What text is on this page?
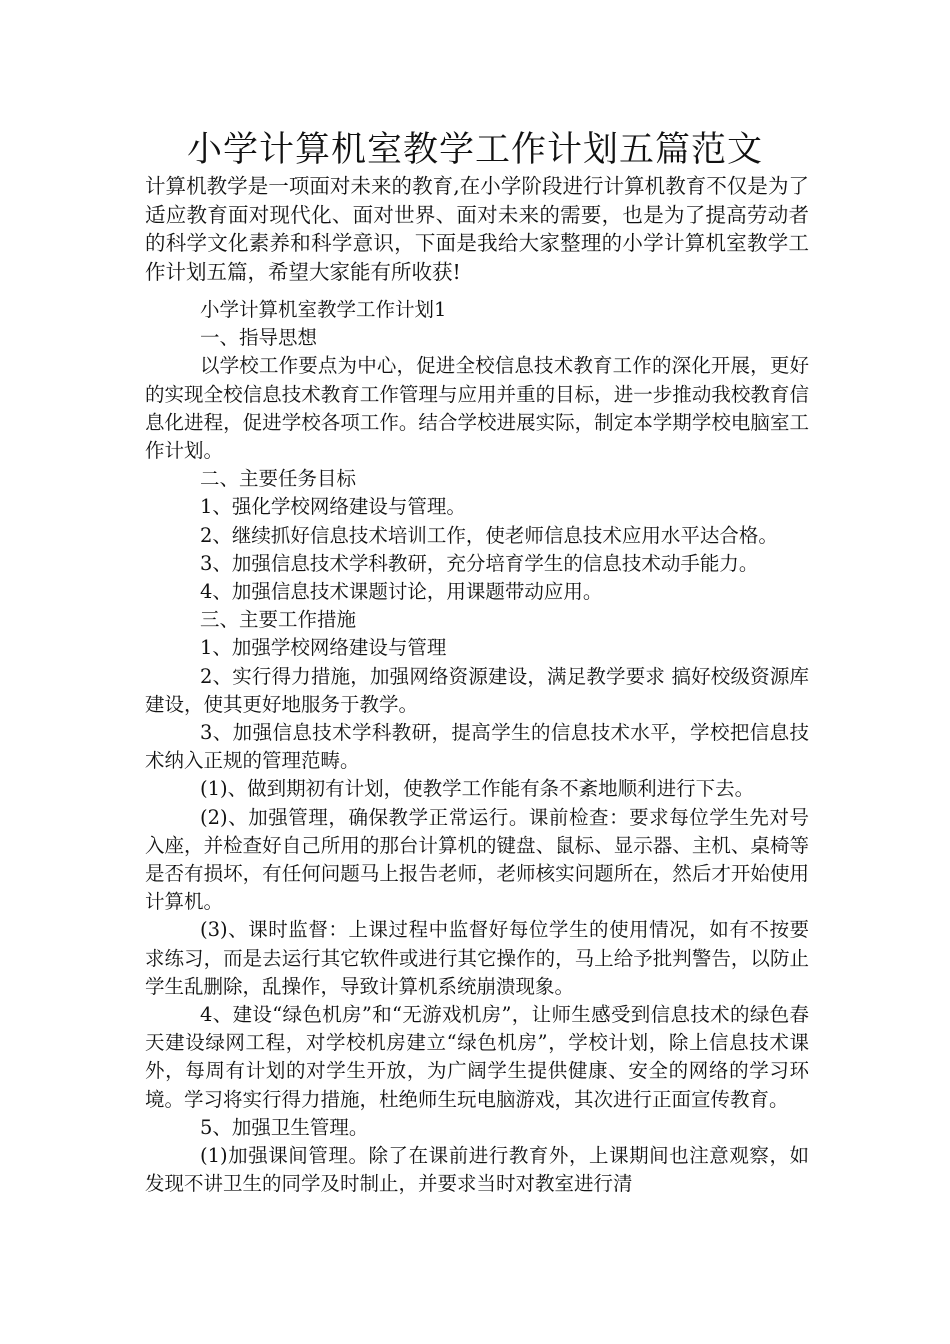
小学计算机室教学工作计划五篇范文

计算机教学是一项面对未来的教育,在小学阶段进行计算机教育不仅是为了适应教育面对现代化、面对世界、面对未来的需要，也是为了提高劳动者的科学文化素养和科学意识，下面是我给大家整理的小学计算机室教学工作计划五篇，希望大家能有所收获!

小学计算机室教学工作计划1

一、指导思想

以学校工作要点为中心，促进全校信息技术教育工作的深化开展，更好的实现全校信息技术教育工作管理与应用并重的目标，进一步推动我校教育信息化进程，促进学校各项工作。结合学校进展实际，制定本学期学校电脑室工作计划。

二、主要任务目标

1、强化学校网络建设与管理。

2、继续抓好信息技术培训工作，使老师信息技术应用水平达合格。

3、加强信息技术学科教研，充分培育学生的信息技术动手能力。

4、加强信息技术课题讨论，用课题带动应用。

三、主要工作措施

1、加强学校网络建设与管理

2、实行得力措施，加强网络资源建设，满足教学要求 搞好校级资源库建设，使其更好地服务于教学。

3、加强信息技术学科教研，提高学生的信息技术水平，学校把信息技术纳入正规的管理范畴。

(1)、做到期初有计划，使教学工作能有条不紊地顺利进行下去。

(2)、加强管理，确保教学正常运行。课前检查：要求每位学生先对号入座，并检查好自己所用的那台计算机的键盘、鼠标、显示器、主机、桌椅等是否有损坏，有任何问题马上报告老师，老师核实问题所在，然后才开始使用计算机。

(3)、课时监督：上课过程中监督好每位学生的使用情况，如有不按要求练习，而是去运行其它软件或进行其它操作的，马上给予批判警告，以防止学生乱删除，乱操作，导致计算机系统崩溃现象。

4、建设“绿色机房”和“无游戏机房”，让师生感受到信息技术的绿色春天建设绿网工程，对学校机房建立“绿色机房”，学校计划，除上信息技术课外，每周有计划的对学生开放，为广阔学生提供健康、安全的网络的学习环境。学习将实行得力措施，杜绝师生玩电脑游戏，其次进行正面宣传教育。

5、加强卫生管理。

(1)加强课间管理。除了在课前进行教育外，上课期间也注意观察，如发现不讲卫生的同学及时制止，并要求当时对教室进行清
